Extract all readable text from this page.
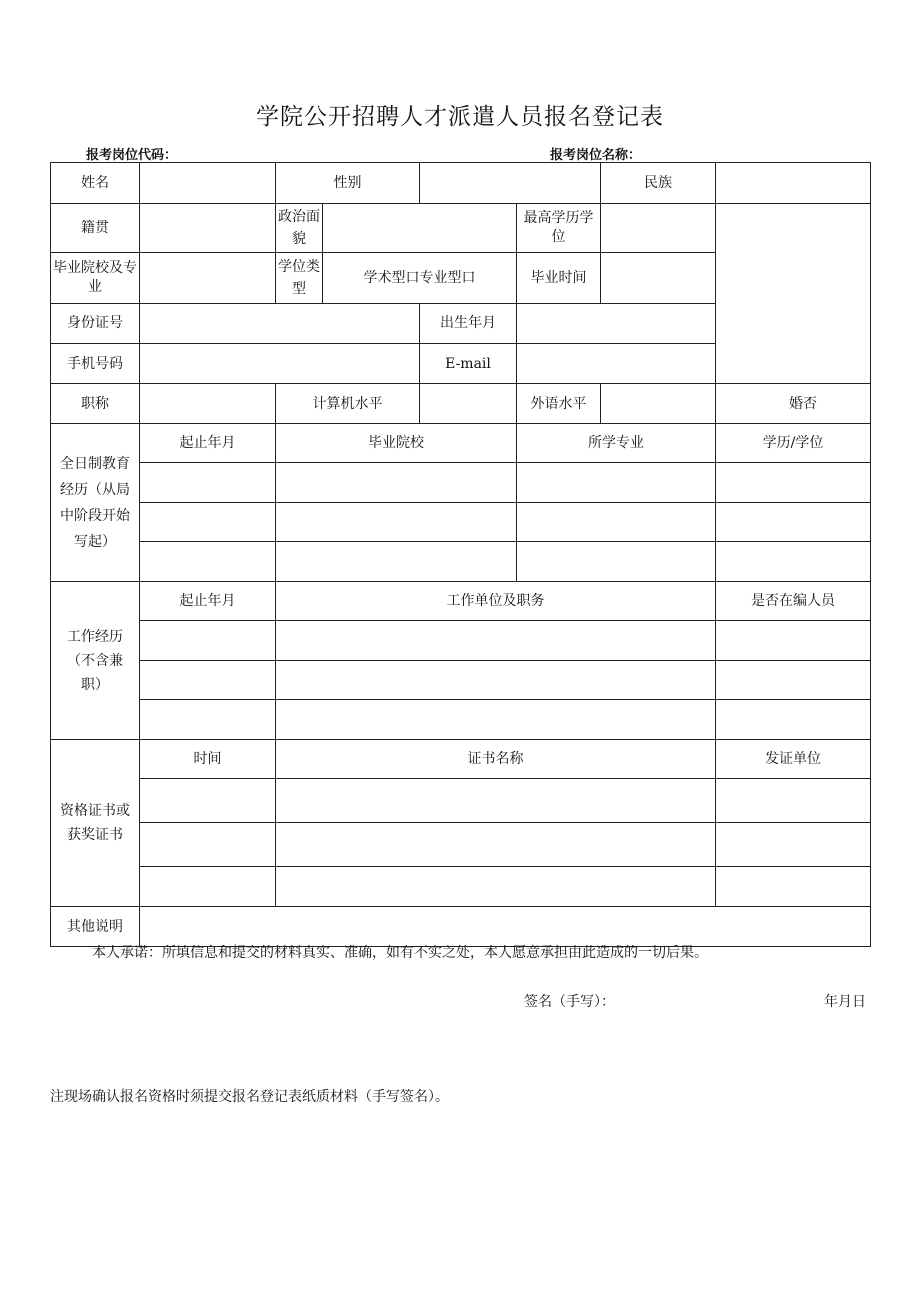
学院公开招聘人才派遣人员报名登记表
报考岗位代码：	报考岗位名称：
姓名		性别				民族		

籍贯		政治面貌			最高学历学位			
毕业院校及专业		学位类型	学术型口专业型口		毕业时间			
身份证号				出生年月				
手机号码				E-mail				
职称		计算机水平			外语水平		婚否	
全日制教育经历（从局中阶段开始写起）	起止年月	毕业院校			所学专业		学历/学位	

工作经历（不含兼职）	起止年月	工作单位及职务					是否在编人员	

资格证书或获奖证书	时间	证书名称					发证单位	

其他说明								
本人承诺：所填信息和提交的材料真实、准确，如有不实之处，本人愿意承担由此造成的一切后果。
签名（手写）：	年月日
注现场确认报名资格时须提交报名登记表纸质材料（手写签名）。
